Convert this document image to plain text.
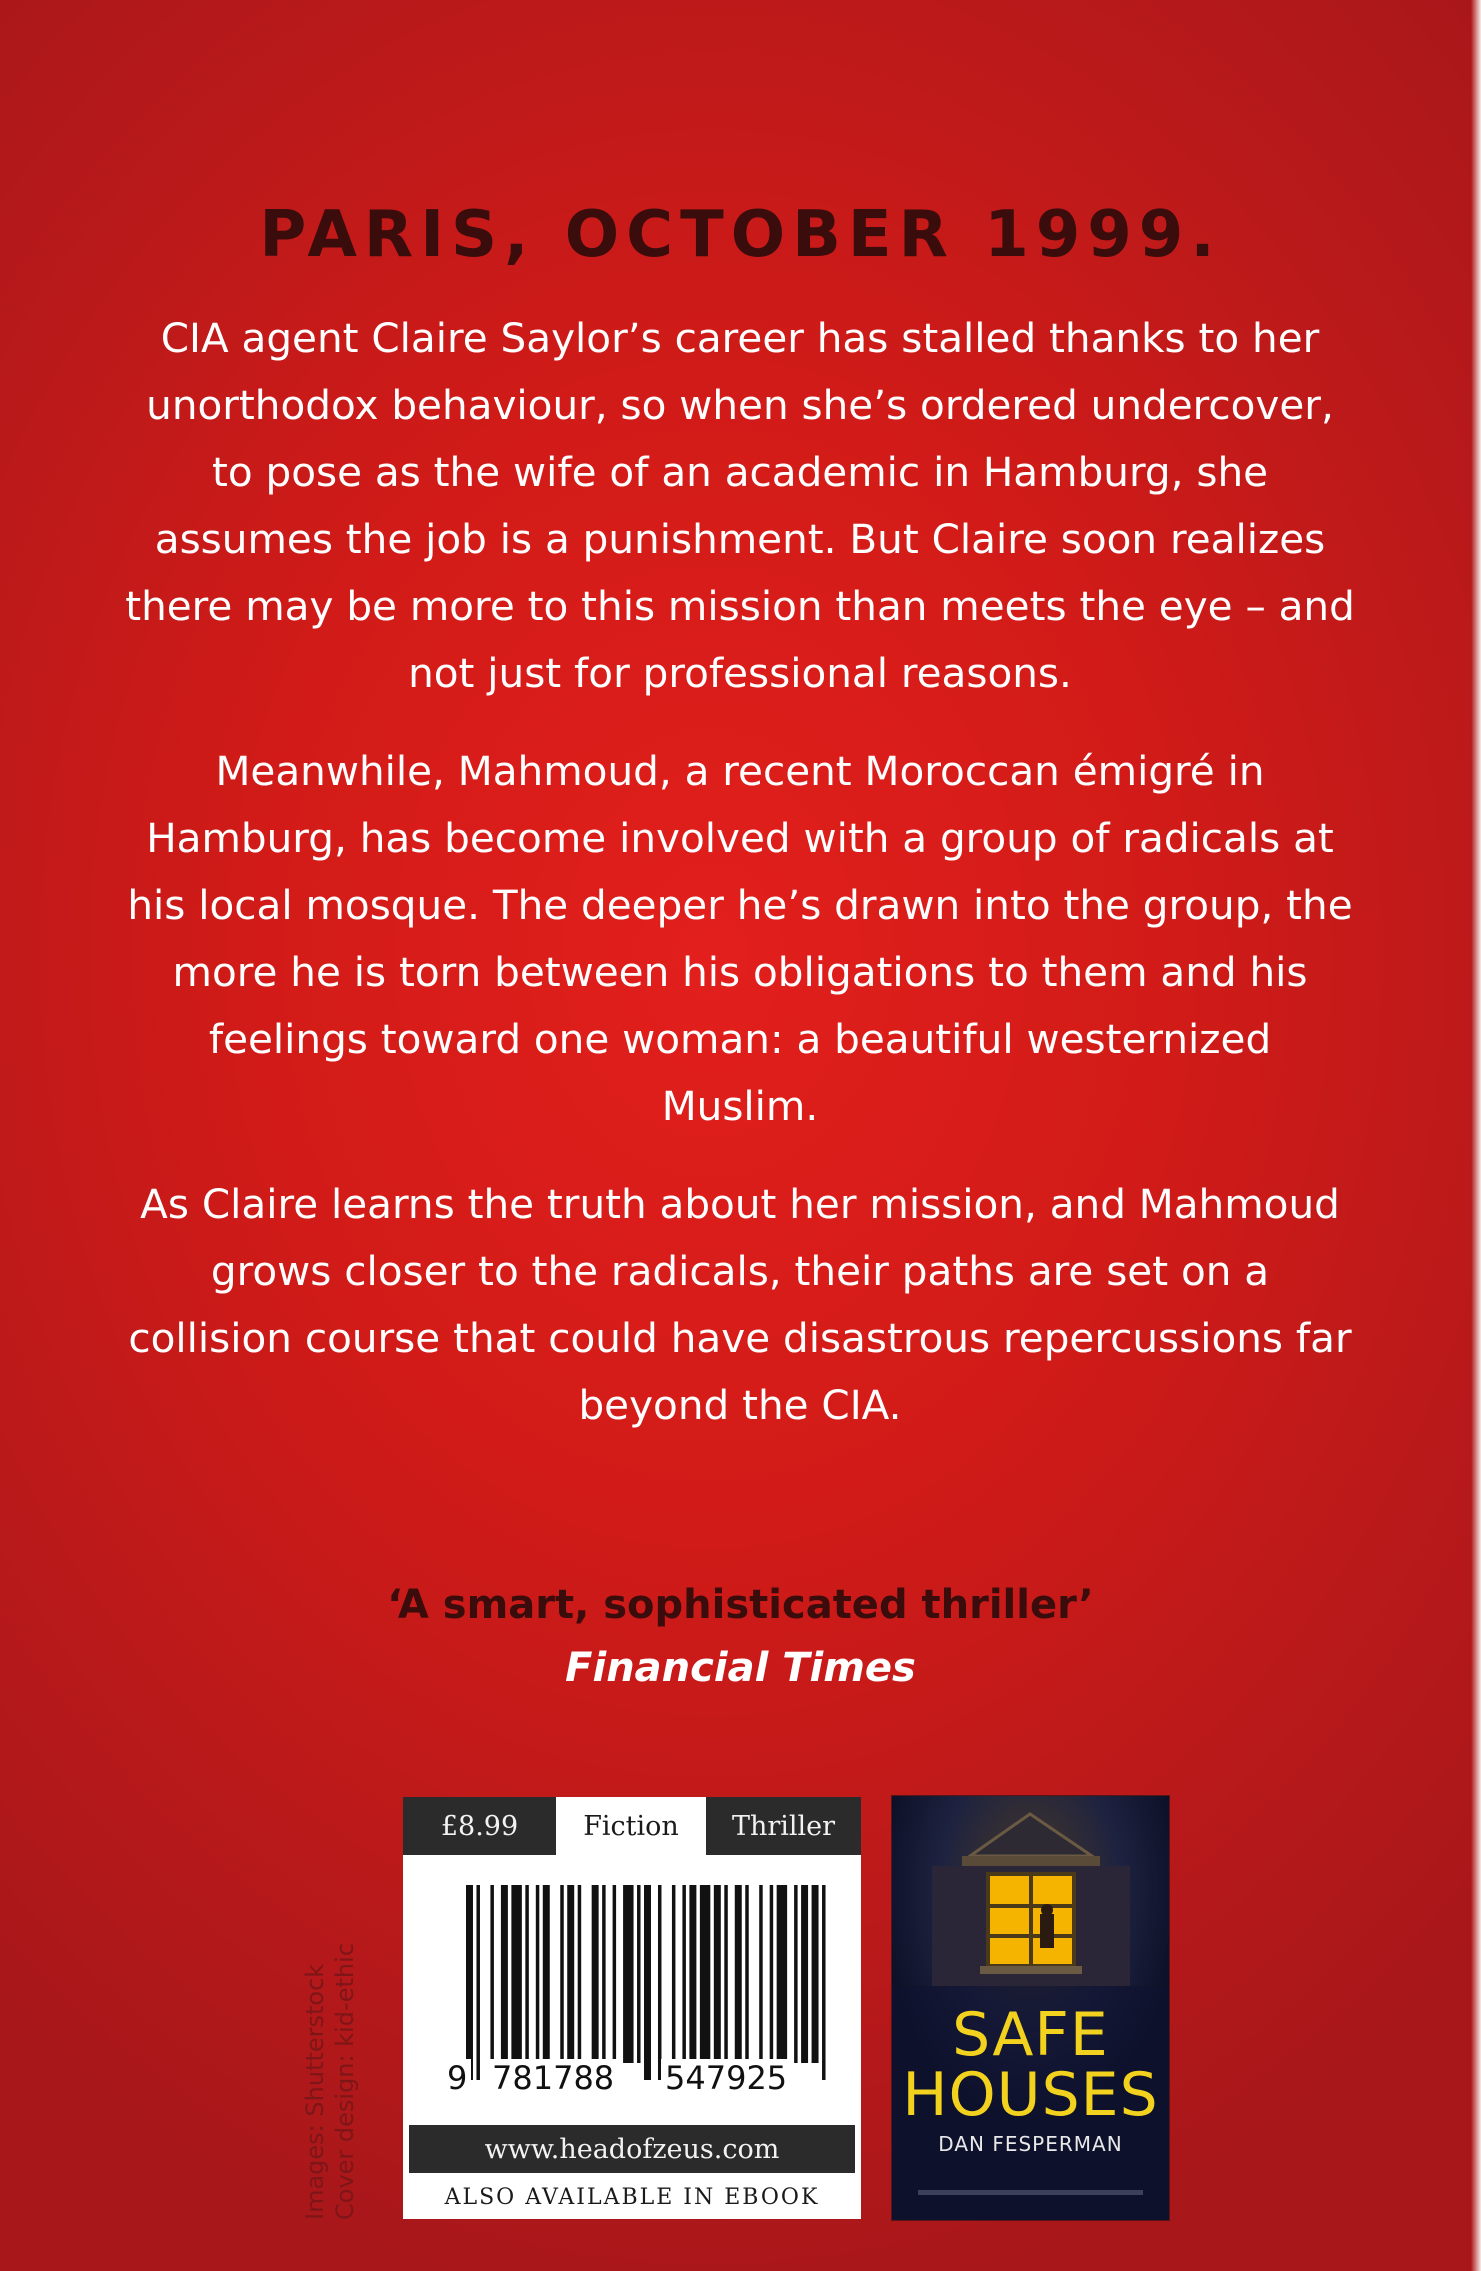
PARIS, OCTOBER 1999.

CIA agent Claire Saylor’s career has stalled thanks to her unorthodox behaviour, so when she’s ordered undercover, to pose as the wife of an academic in Hamburg, she assumes the job is a punishment. But Claire soon realizes there may be more to this mission than meets the eye – and not just for professional reasons.

Meanwhile, Mahmoud, a recent Moroccan émigré in Hamburg, has become involved with a group of radicals at his local mosque. The deeper he’s drawn into the group, the more he is torn between his obligations to them and his feelings toward one woman: a beautiful westernized Muslim.

As Claire learns the truth about her mission, and Mahmoud grows closer to the radicals, their paths are set on a collision course that could have disastrous repercussions far beyond the CIA.

‘A smart, sophisticated thriller’
Financial Times
Images: Shutterstock Cover design: kid-ethic
£8.99	Fiction	Thriller
9 781788 547925
www.headofzeus.com
ALSO AVAILABLE IN EBOOK
SAFE
HOUSES
DAN FESPERMAN
